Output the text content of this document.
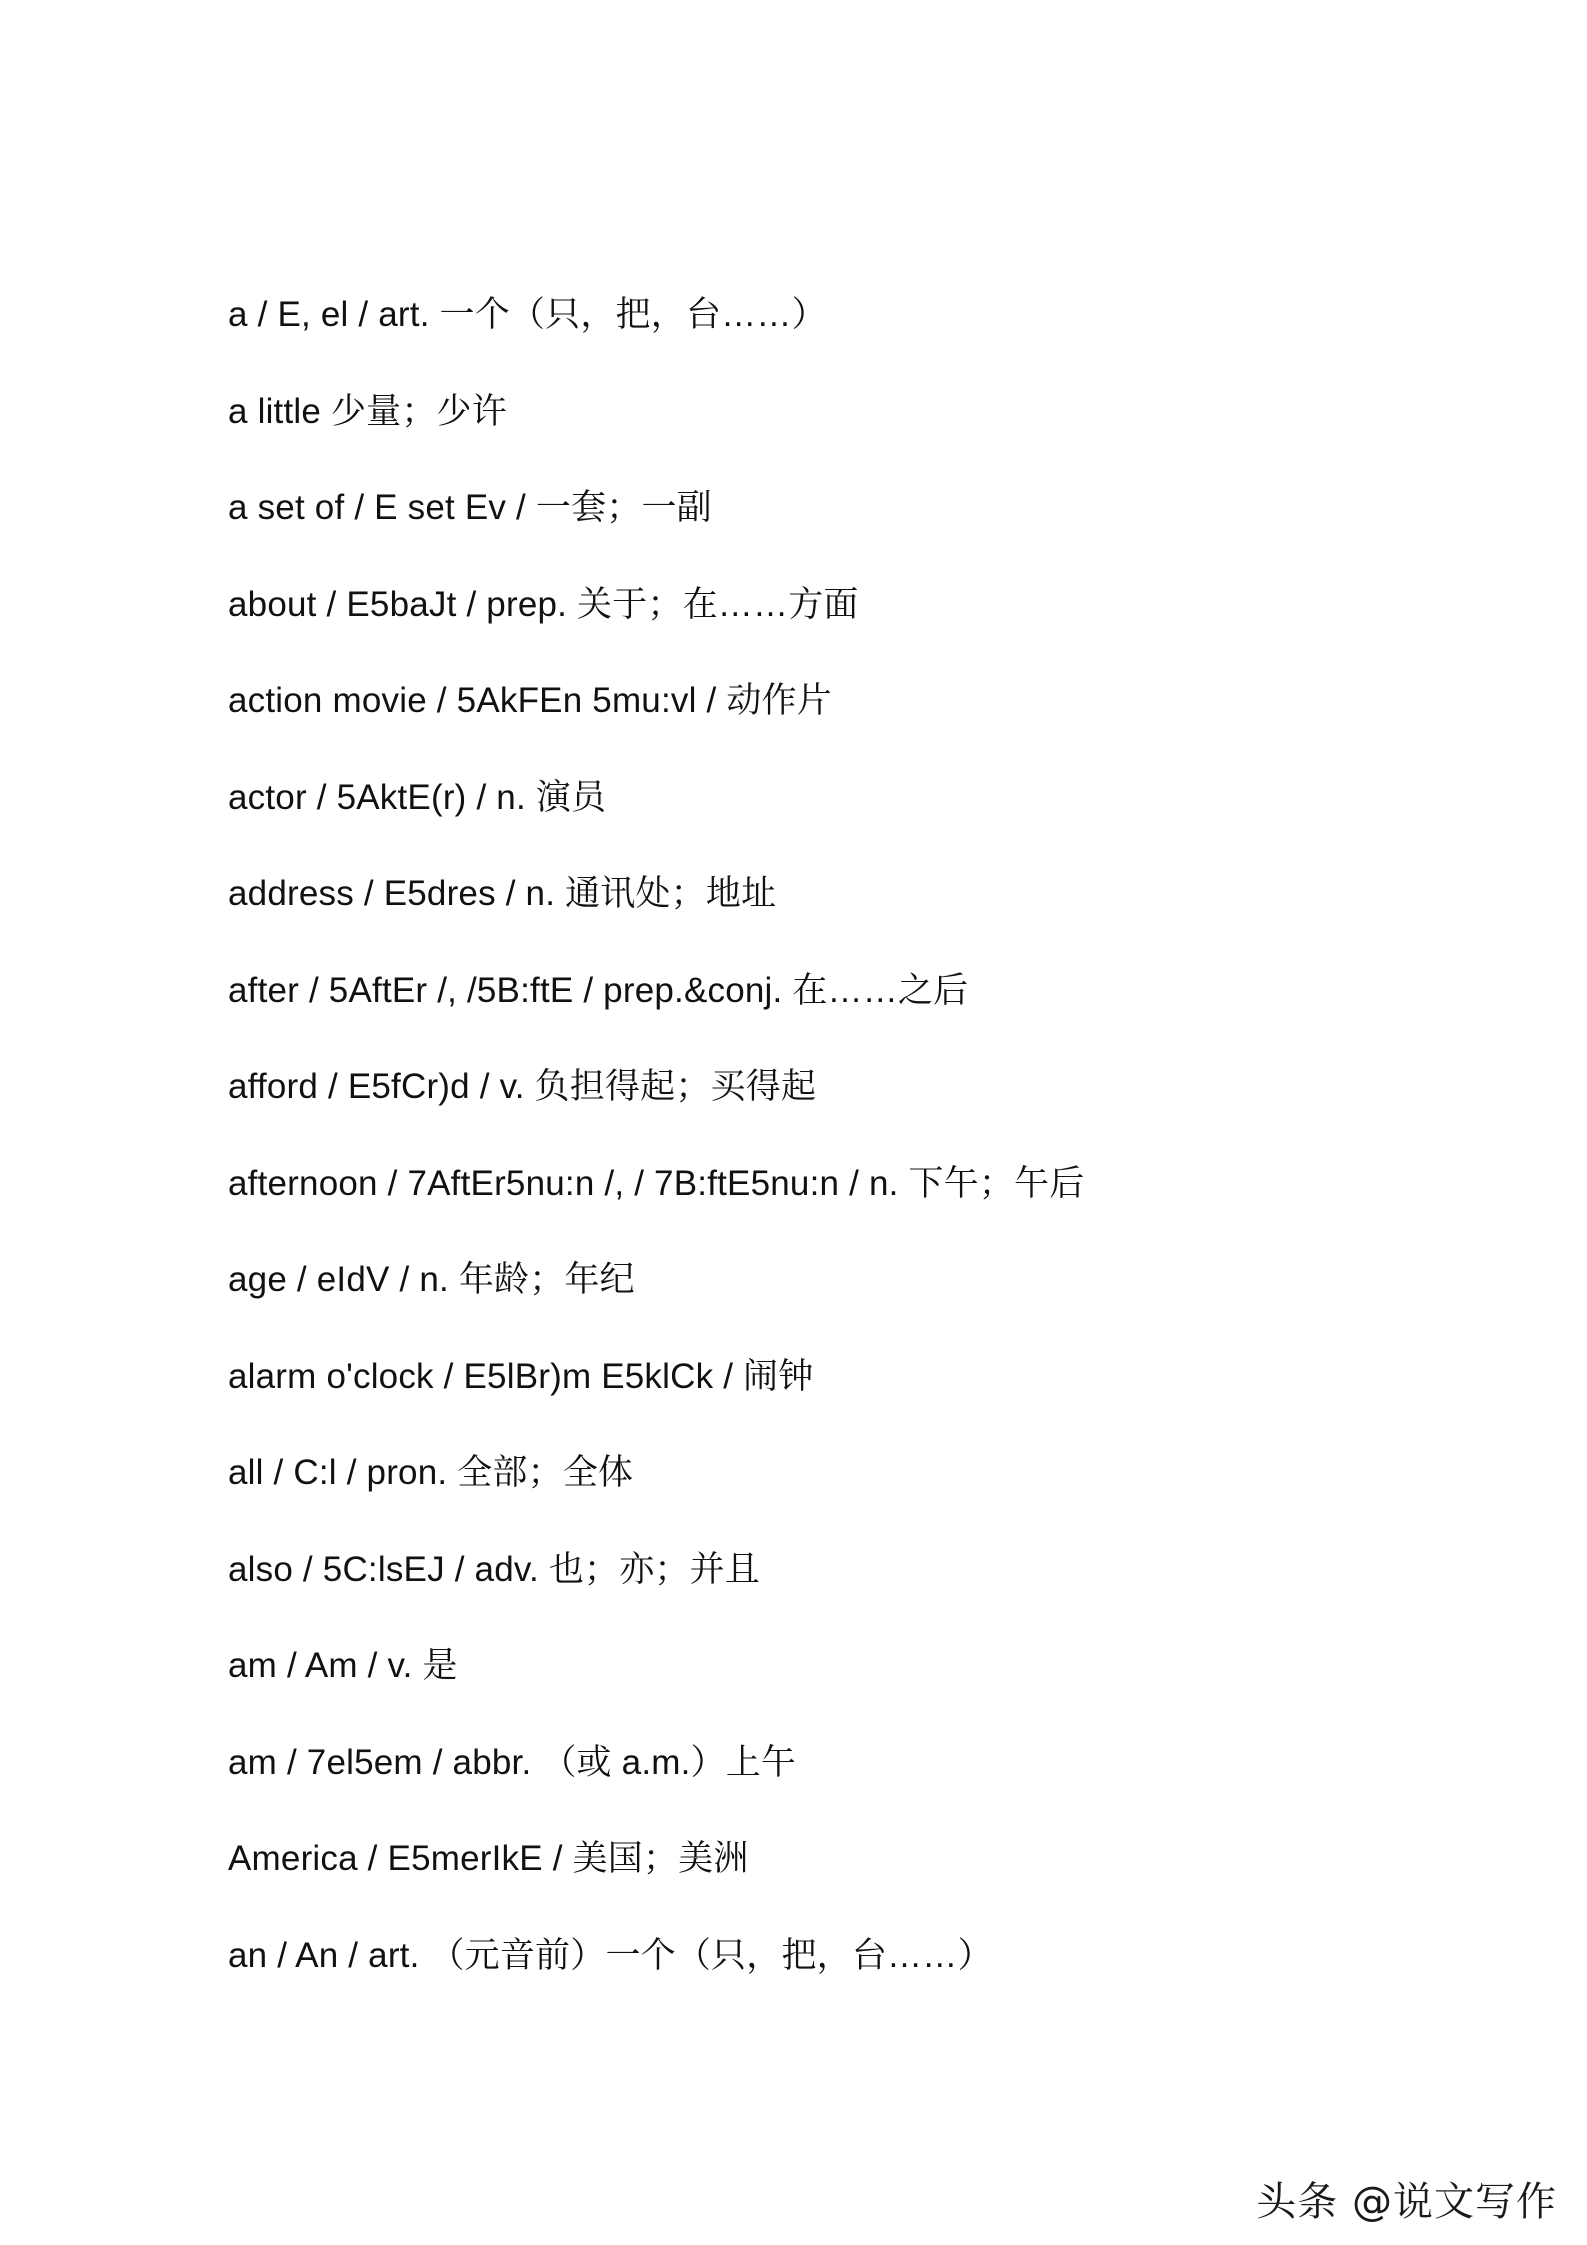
a / E, el / art. 一个（只，把，台……）
a little 少量；少许
a set of / E set Ev / 一套；一副
about / E5baJt / prep. 关于；在……方面
action movie / 5AkFEn 5mu:vl / 动作片
actor / 5AktE(r) / n. 演员
address / E5dres / n. 通讯处；地址
after / 5AftEr /, /5B:ftE / prep.&conj. 在……之后
afford / E5fCr)d / v. 负担得起；买得起
afternoon / 7AftEr5nu:n /, / 7B:ftE5nu:n / n. 下午；午后
age / eIdV / n. 年龄；年纪
alarm o'clock / E5lBr)m E5klCk / 闹钟
all / C:l / pron. 全部；全体
also / 5C:lsEJ / adv. 也；亦；并且
am / Am / v. 是
am / 7el5em / abbr. （或 a.m.）上午
America / E5merIkE / 美国；美洲
an / An / art. （元音前）一个（只，把，台……）
头条 @说文写作
